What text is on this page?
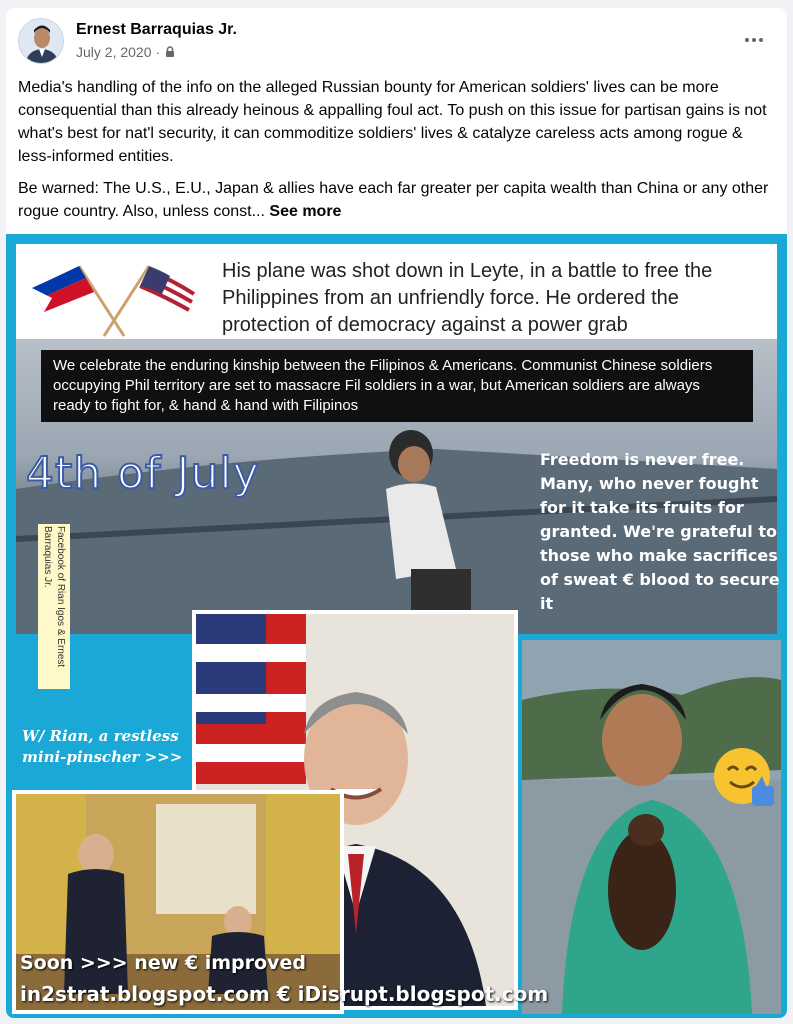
Ernest Barraquias Jr.
July 2, 2020 ·

Media's handling of the info on the alleged Russian bounty for American soldiers' lives can be more consequential than this already heinous & appalling foul act. To push on this issue for partisan gains is not what's best for nat'l security, it can commoditize soldiers' lives & catalyze careless acts among rogue & less-informed entities.

Be warned: The U.S., E.U., Japan & allies have each far greater per capita wealth than China or any other rogue country. Also, unless const... See more

His plane was shot down in Leyte, in a battle to free the Philippines from an unfriendly force. He ordered the protection of democracy against a power grab
We celebrate the enduring kinship between the Filipinos & Americans. Communist Chinese soldiers occupying Phil territory are set to massacre Fil soldiers in a war, but American soldiers are always ready to fight for, & hand & hand with Filipinos
4th of July
Facebook of Rian Igos & Ernest Barraquias Jr.
Freedom is never free. Many, who never fought for it take its fruits for granted. We're grateful to those who make sacrifices of sweat € blood to secure it
W/ Rian, a restless mini-pinscher >>>
Soon >>> new € improved
in2strat.blogspot.com € iDisrupt.blogspot.com
